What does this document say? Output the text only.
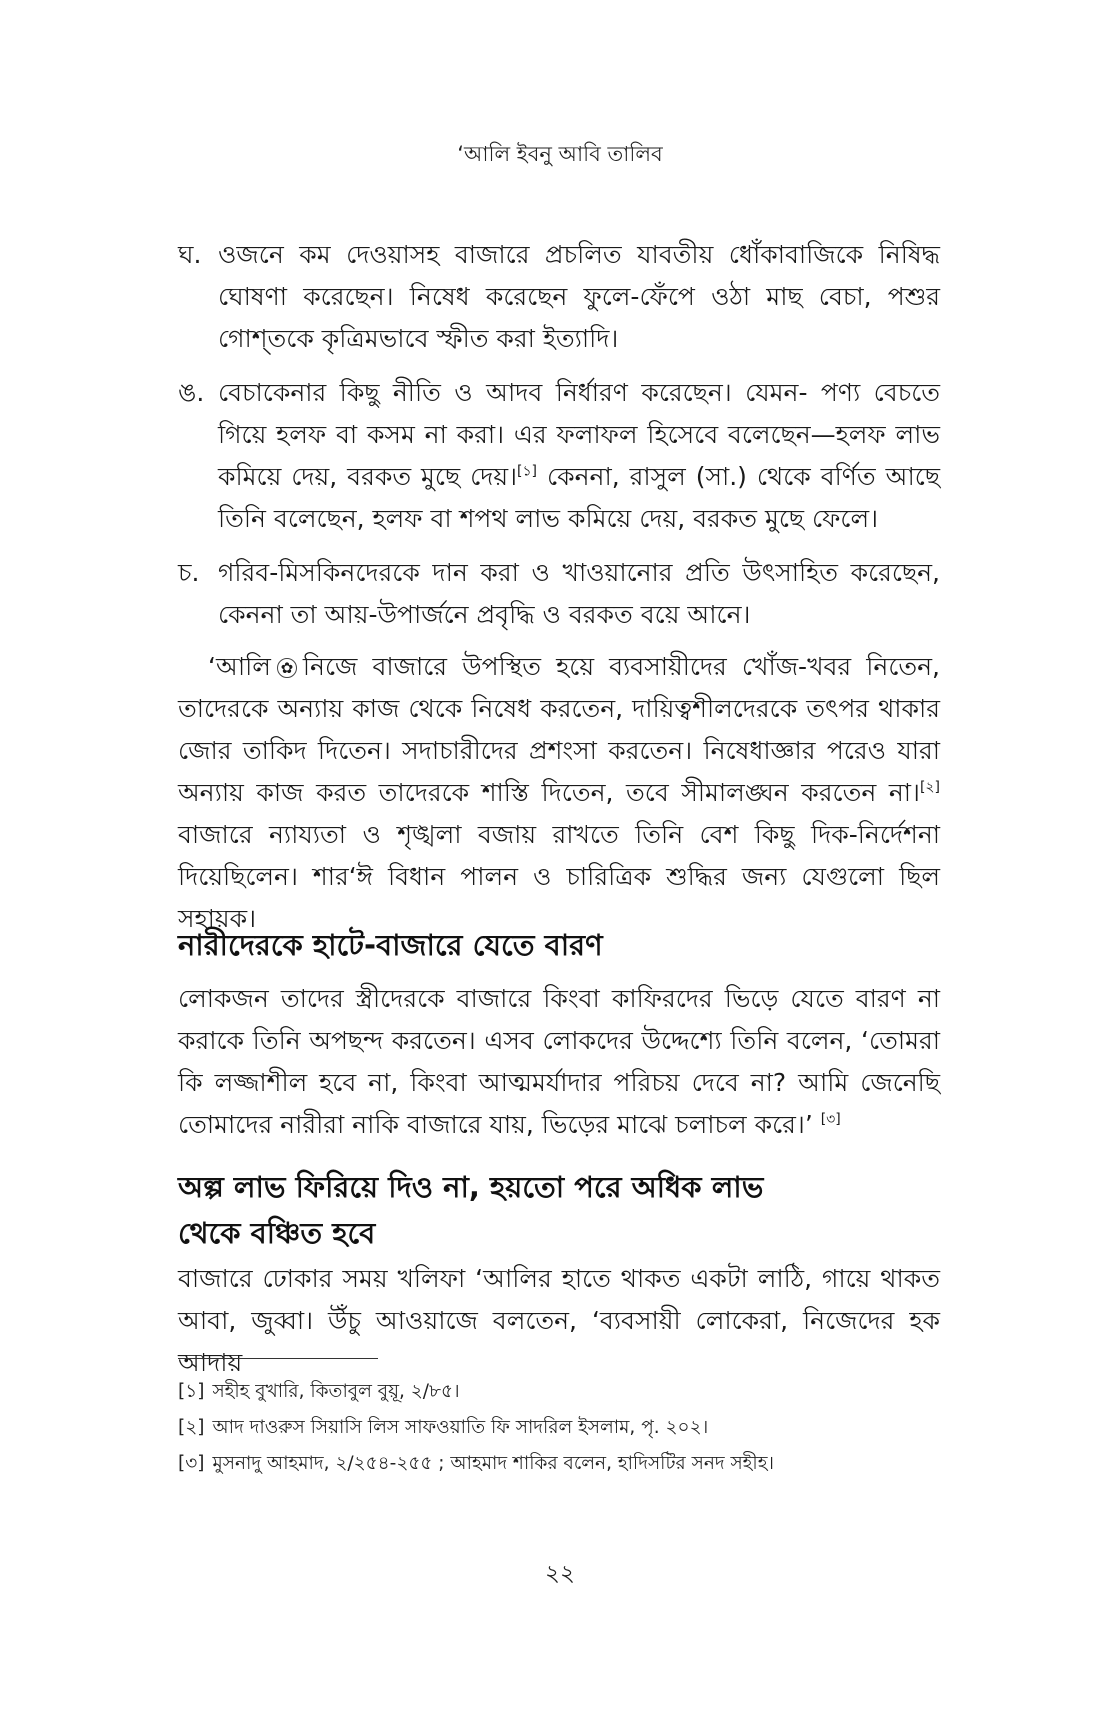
‘আলি ইবনু আবি তালিব
ঘ. ওজনে কম দেওয়াসহ বাজারে প্রচলিত যাবতীয় ধোঁকাবাজিকে নিষিদ্ধ ঘোষণা করেছেন। নিষেধ করেছেন ফুলে-ফেঁপে ওঠা মাছ বেচা, পশুর গোশ্‌তকে কৃত্রিমভাবে স্ফীত করা ইত্যাদি।
ঙ. বেচাকেনার কিছু নীতি ও আদব নির্ধারণ করেছেন। যেমন- পণ্য বেচতে গিয়ে হলফ বা কসম না করা। এর ফলাফল হিসেবে বলেছেন—হলফ লাভ কমিয়ে দেয়, বরকত মুছে দেয়।[১] কেননা, রাসুল (সা.) থেকে বর্ণিত আছে তিনি বলেছেন, হলফ বা শপথ লাভ কমিয়ে দেয়, বরকত মুছে ফেলে।
চ. গরিব-মিসকিনদেরকে দান করা ও খাওয়ানোর প্রতি উৎসাহিত করেছেন, কেননা তা আয়-উপার্জনে প্রবৃদ্ধি ও বরকত বয়ে আনে।
‘আলি ✿ নিজে বাজারে উপস্থিত হয়ে ব্যবসায়ীদের খোঁজ-খবর নিতেন, তাদেরকে অন্যায় কাজ থেকে নিষেধ করতেন, দায়িত্বশীলদেরকে তৎপর থাকার জোর তাকিদ দিতেন। সদাচারীদের প্রশংসা করতেন। নিষেধাজ্ঞার পরেও যারা অন্যায় কাজ করত তাদেরকে শাস্তি দিতেন, তবে সীমালঙ্ঘন করতেন না।[২] বাজারে ন্যায্যতা ও শৃঙ্খলা বজায় রাখতে তিনি বেশ কিছু দিক-নির্দেশনা দিয়েছিলেন। শার‘ঈ বিধান পালন ও চারিত্রিক শুদ্ধির জন্য যেগুলো ছিল সহায়ক।
নারীদেরকে হাটে-বাজারে যেতে বারণ
লোকজন তাদের স্ত্রীদেরকে বাজারে কিংবা কাফিরদের ভিড়ে যেতে বারণ না করাকে তিনি অপছন্দ করতেন। এসব লোকদের উদ্দেশ্যে তিনি বলেন, ‘তোমরা কি লজ্জাশীল হবে না, কিংবা আত্মমর্যাদার পরিচয় দেবে না? আমি জেনেছি তোমাদের নারীরা নাকি বাজারে যায়, ভিড়ের মাঝে চলাচল করে।’ [৩]
অল্প লাভ ফিরিয়ে দিও না, হয়তো পরে অধিক লাভ
থেকে বঞ্চিত হবে
বাজারে ঢোকার সময় খলিফা ‘আলির হাতে থাকত একটা লাঠি, গায়ে থাকত আবা, জুব্বা। উঁচু আওয়াজে বলতেন, ‘ব্যবসায়ী লোকেরা, নিজেদের হক আদায়
[১] সহীহ বুখারি, কিতাবুল বুয়ূ, ২/৮৫।
[২] আদ দাওরুস সিয়াসি লিস সাফওয়াতি ফি সাদরিল ইসলাম, পৃ. ২০২।
[৩] মুসনাদু আহমাদ, ২/২৫৪-২৫৫ ; আহমাদ শাকির বলেন, হাদিসটির সনদ সহীহ।
২২
